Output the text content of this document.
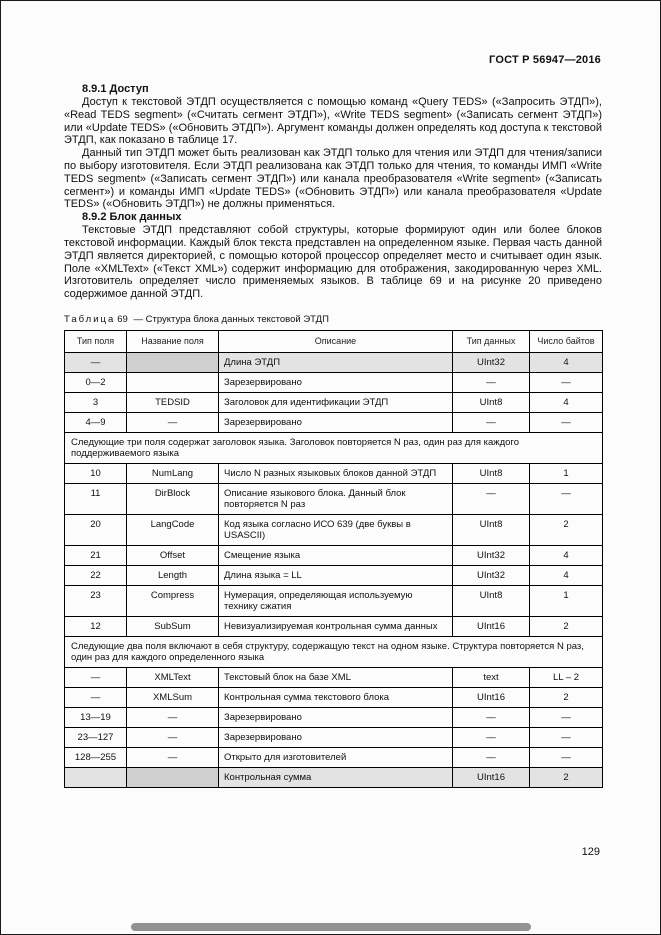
ГОСТ Р 56947—2016
8.9.1 Доступ

Доступ к текстовой ЭТДП осуществляется с помощью команд «Query TEDS» («Запросить ЭТДП»), «Read TEDS segment» («Считать сегмент ЭТДП»), «Write TEDS segment» («Записать сегмент ЭТДП») или «Update TEDS» («Обновить ЭТДП»). Аргумент команды должен определять код доступа к текстовой ЭТДП, как показано в таблице 17.

Данный тип ЭТДП может быть реализован как ЭТДП только для чтения или ЭТДП для чтения/записи по выбору изготовителя. Если ЭТДП реализована как ЭТДП только для чтения, то команды ИМП «Write TEDS segment» («Записать сегмент ЭТДП») или канала преобразователя «Write segment» («Записать сегмент») и команды ИМП «Update TEDS» («Обновить ЭТДП») или канала преобразователя «Update TEDS» («Обновить ЭТДП») не должны применяться.

8.9.2 Блок данных

Текстовые ЭТДП представляют собой структуры, которые формируют один или более блоков текстовой информации. Каждый блок текста представлен на определенном языке. Первая часть данной ЭТДП является директорией, с помощью которой процессор определяет место и считывает один язык. Поле «XMLText» («Текст XML») содержит информацию для отображения, закодированную через XML. Изготовитель определяет число применяемых языков. В таблице 69 и на рисунке 20 приведено содержимое данной ЭТДП.

Таблица 69 — Структура блока данных текстовой ЭТДП
Тип поля	Название поля	Описание	Тип данных	Число байтов
—		Длина ЭТДП	UInt32	4
0—2		Зарезервировано	—	—
3	TEDSID	Заголовок для идентификации ЭТДП	UInt8	4
4—9	—	Зарезервировано	—	—
Следующие три поля содержат заголовок языка. Заголовок повторяется N раз, один раз для каждого поддерживаемого языка				
10	NumLang	Число N разных языковых блоков данной ЭТДП	UInt8	1
11	DirBlock	Описание языкового блока. Данный блок повторяется N раз	—	—
20	LangCode	Код языка согласно ИСО 639 (две буквы в USASCII)	UInt8	2
21	Offset	Смещение языка	UInt32	4
22	Length	Длина языка = LL	UInt32	4
23	Compress	Нумерация, определяющая используемую технику сжатия	UInt8	1
12	SubSum	Невизуализируемая контрольная сумма данных	UInt16	2
Следующие два поля включают в себя структуру, содержащую текст на одном языке. Структура повторяется N раз, один раз для каждого определенного языка				
—	XMLText	Текстовый блок на базе XML	text	LL – 2
—	XMLSum	Контрольная сумма текстового блока	UInt16	2
13—19	—	Зарезервировано	—	—
23—127	—	Зарезервировано	—	—
128—255	—	Открыто для изготовителей	—	—
		Контрольная сумма	UInt16	2
129
